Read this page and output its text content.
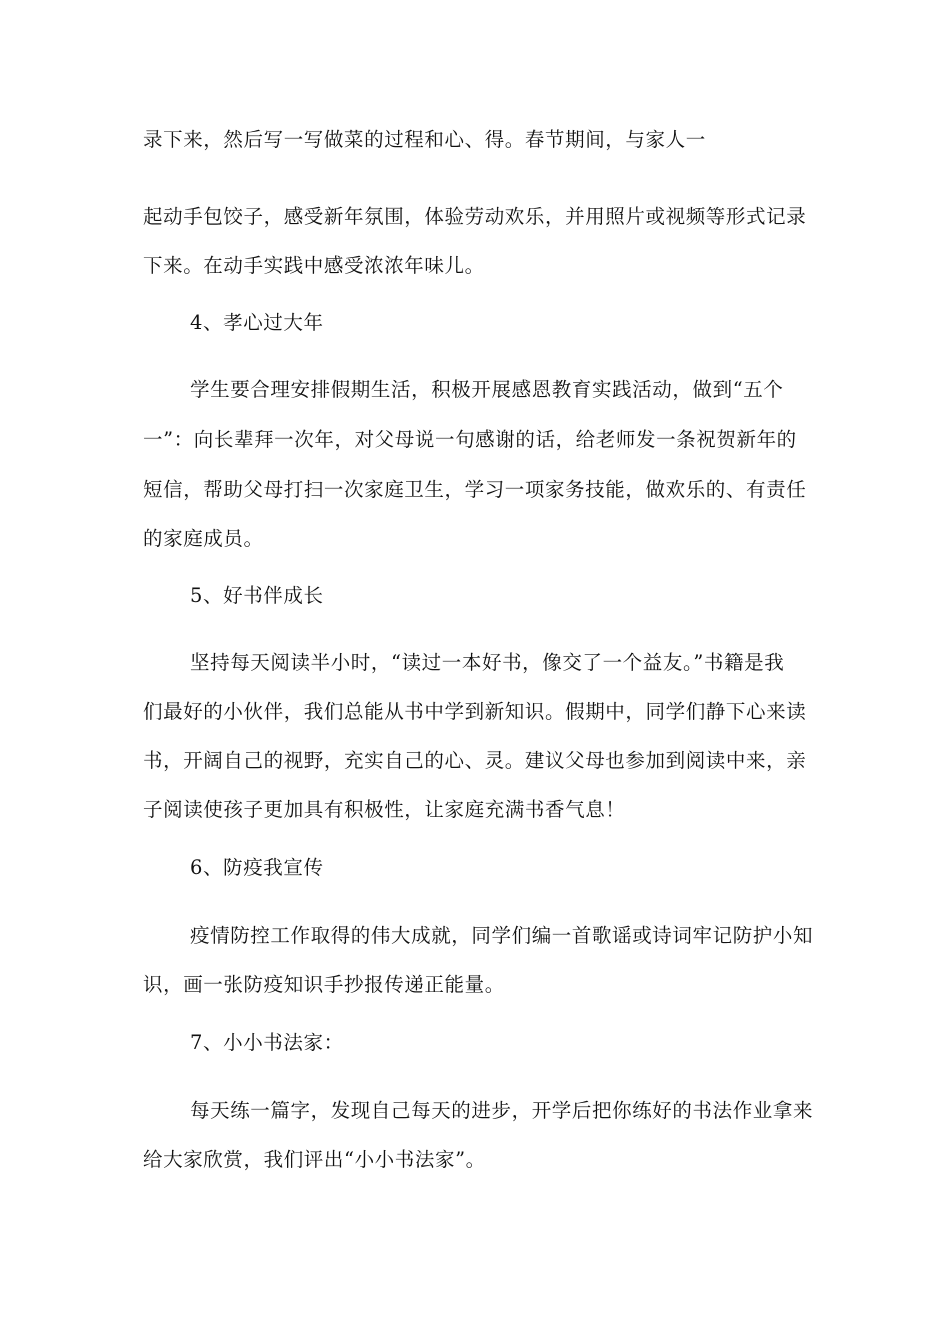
录下来，然后写一写做菜的过程和心、得。春节期间，与家人一
起动手包饺子，感受新年氛围，体验劳动欢乐，并用照片或视频等形式记录
下来。在动手实践中感受浓浓年味儿。
4、孝心过大年
学生要合理安排假期生活，积极开展感恩教育实践活动，做到“五个
一”：向长辈拜一次年，对父母说一句感谢的话，给老师发一条祝贺新年的
短信，帮助父母打扫一次家庭卫生，学习一项家务技能，做欢乐的、有责任
的家庭成员。
5、好书伴成长
坚持每天阅读半小时，“读过一本好书，像交了一个益友。”书籍是我
们最好的小伙伴，我们总能从书中学到新知识。假期中，同学们静下心来读
书，开阔自己的视野，充实自己的心、灵。建议父母也参加到阅读中来，亲
子阅读使孩子更加具有积极性，让家庭充满书香气息！
6、防疫我宣传
疫情防控工作取得的伟大成就，同学们编一首歌谣或诗词牢记防护小知
识，画一张防疫知识手抄报传递正能量。
7、小小书法家：
每天练一篇字，发现自己每天的进步，开学后把你练好的书法作业拿来
给大家欣赏，我们评出“小小书法家”。
